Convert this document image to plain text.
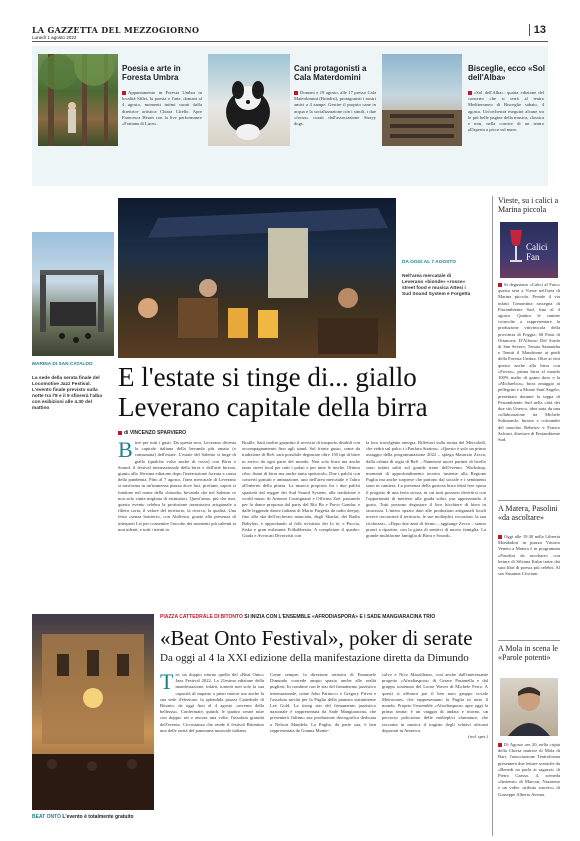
LA GAZZETTA DEL MEZZOGIORNO
Lunedì 1 agosto 2022
13
Poesia e arte in Foresta Umbra
Appuntamento in Foresta Umbra in località Sfilzi, la poesia e l'arte, domani al 4 agosto, momenti intimi curati dalla direttrice artistica Chiara Cirello. Apre Francesca Hearn con la live performance «Fontana di Luce».
Cani protagonisti a Cala Materdomini
Domani e 19 agosto, alle 17 presso Cala Materdomini (Brindisi), protagonisti i nostri amici a 4 zampe. Gestire il proprio cane in acqua e la socializzazione con i simili, i due «focus» curati dall'associazione Strayy dogs.
Bisceglie, ecco «Sol dell'Alba»
«Sol dell'Alba»: quarta edizione del concerto che si terrà al teatro Mediterraneo di Bisceglie sabato, 4 agosto. Un'orchestra eseguirà alcune tra le più belle pagine della musica, classica e non, nella cornice di un teatro all'aperto a picco sul mare.
MARINA DI SAN CATALDO
La sede della serata finale del Locomotive Jazz Festival. L'evento finale previsto sulla notte tra l'8 e il 9 sfiorerà l'alba con esibizioni alle 4.30 del mattino
DA OGGI AL 7 AGOSTO
Nell'area mercatale di Leverano «bionde» «rosse» street food e musica Attesi i Sud Sound System e Forgetta
E l'estate si tinge di... giallo
Leverano capitale della birra
di VINCENZO SPARVIERO
B irre per tutti i gusti. Da questa sera, Leverano diventa la capitale italiana della bevanda più amata (e consumata) dell'estate. L'estate del Salento si tinge di giallo (qualche volta anche di rosso) con Birra e Sound, il festival internazionale della birra e dell'arte birraia, giunto alla 16esima edizione dopo l'interruzione forzata a causa della pandemia. Fino al 7 agosto, l'area mercatale di Leverano si trasforma in un'immensa piazza dove luci, profumi, sapori si fondono nel nome della «bionda» bevanda che nel Salento ce non solo vanta migliaia di estimatori. Quest'anno, più che mai, questo evento celebra la profusione trasmissiva artigianale a filiera corta, il valore del territorio, la ricerca, la qualità. Una festa «senza barriere», con Abilfesta, grazie alla presenza di interpreti Lis per consentire l'ascolto dei momenti più salienti ai non udenti, e tutti i menù in
Braille. Sarà inoltre garantito il servizio di trasporto disabili con accompagnamento fino agli stand. Sul fronte gusto, come da tradizione di BeS, sarà possibile degustare oltre 150 tipi di birre in arrivo da ogni parte del mondo. Non solo birra ma anche tanto street food per tutti i palati e per tutte le tasche. Ottimo cibo, fiumi di birra ma anche tanta spettacolo. Due i palchi con concerti gratuiti e animazione, uno nell'area mercatale e l'altro all'interno della pineta. La musica proposta fra i due palchi spazierà dal reggae dei Sud Sound System, alla tradizione e world music di Antonio Castrignanò e Officina Zoè, passando per la dance proposta dal party del Rio Bo e Parco Gondar, e dalle leggende dance italiana di Mario Fargetta da radio deejay, fino alla ska dell'orchestra manciata, degli Skarlat, dei Radio Babylon, e approdando al folk rivisitato dei Io te, e Puccia, Siska e gran esilarante Folkabbestia. A completare il quadro: Giuda e Avvocati Divorzisti con
la loro travolgente energia. Riflettori sulla serata del Mercoledì, che vedrà sul palco i «Fanfara Station». «Questo è solo un primo assaggio della programmazione 2022 – spiega Maurizio Zecca, dalla cabina di regia di BeS – Numerosi nuovi partner di livello sono infatti saliti sul grande treno dell'evento. Workshop, momenti di approfondimento tecnico insieme alla Regione Puglia ma anche sorprese che partono dal sociale e i sentimenti sono in cantiere. La presenza della gustosa birra ideal free sposa il progetto di una festa sicura, in cui tutti possono divertirsi con l'opportunità di mettersi alla guida sobri, pur apprezzando il gusto. Tutti possono degustare il loro bicchiere di birra in sicurezza. L'intero spazio dato alle produzioni artigianali locali invece racconterà il territorio, le sue molteplici vocazioni, la sua ricchezza». «Dopo due anni di fermo – aggiunge Zecca – siamo pronti a ripartire, con la gioia di sentirci di nuovo famiglia. La grande multiforme famiglia di Birra e Sound».
Vieste, su i calici a Marina piccola
Calici Fan
Si degustano «Calici al Faro» questa sera a Vieste nell'area di Marina piccola. Prende il via infatti l'omonima rassegna di Fiorambiente Sud, fino al 4 agosto. Quattro le cantine coinvolte a rappresentare la produzione vitivinicola della provincia di Foggia: 68 Passi di Ortanova; D'Alfonso Del Sordo di San Severo; Tenuta Samantha e Tenuti il Mandrione ai piedi della Foresta Umbra. Oltre ai vini questo anche alla birra con «Fovea», prima birra al mondo 100% malto di grano duro e la «Michaelica», birra omaggio ai pellegrini e a Monte Sant'Angelo, presentata durante la tappa di Festambiente Sud nella città dei due siti Unesco, idea nata da una collaborazione tra Michele Solimando, birraio e cofounder del marchio Reberov e Franco Salcuni, direttore di Festambiente Sud.
A Matera, Pasolini «da ascoltare»
Oggi alle 19,30 nella Libreria Mondadori in piazza Vittorio Veneto a Matera è in programma «Pasolini da ascoltare» con letture di Silvana Kuhn tratte dai suoi libri di poesia più celebri. Al sax Susanna Crociani.
A Mola in scena le «Parole potenti»
Di Agosto ore 20, nella cripta della Chiesa matrice di Mola di Bari, l'associazione Teatroforma presenterà due letture sceniche da «Benedi no parla ai ragazzi» di Pietro Grasso. 4, sceneda «Insieme» di Marcon, Nazareno e un video «tributo sincero» di Giuseppe Alberto Averna.
BEAT ONTO L'evento è totalmente gratuito
PIAZZA CATTEDRALE DI BITONTO SI INIZIA CON L'ENSEMBLE «AFRODIASPORA» E I SADE MANGIARACINA TRIO
«Beat Onto Festival», poker di serate
Da oggi al 4 la XXI edizione della manifestazione diretta da Dimundo
T re, un doppio ritorno quello del «Beat Onto» Jazz Festival 2022. La 21esima edizione della manifestazione, infatti, tornerà non solo la sua capacità di impatto a pieni motori ma anche la sua sede d'elezione, la splendida piazza Cattedrale di Bitonto, da oggi fino al 4 agosto «avremo della bellezza». Confermate, quindi, le quattro serate tutte con doppio set e ancora una volta, l'assoluta gratuità dell'evento. Circostanza che rende il festival Bitontino una delle rarità del panorama musicale italiano.
Come sempre, la direzione artistica di Emanuele Dimundo concede ampio spazio anche alle realtà pugliesi. In combine con le star del firmamento jazzistico internazionale, come John Patitucci e Gregory Privat e l'assoluta novità per la Puglia della pianista statunitense Lee Gold. La rising star del firmamento jazzistico nazionale è rappresentata da Sade Mangiaracina, che presenterà l'ultimo sua produzione discografica dedicata a Nelson Mandela. La Puglia, da parte sua, è ben rappresentata da Gianna Monte-
calvo e Nico Marzilliano, così anche dall'interessante progetto «Afrodiaspora» di Cesare Pastanella e dal gruppo sostenuto del Loose Waves di Michele Ferro. A questi si affianca poi il ben noto gruppo vocale Metrotones, che rappresentano la Puglia in tutto il mondo. Proprio l'ensemble «Afrodiaspora» apre oggi la prima serata: è un viaggio di andata e ritorno, un percorso policromo delle molteplici sfumature, che racconta in musica il tragitto degli schiavi africani deportati in America.
(red. spet.)
